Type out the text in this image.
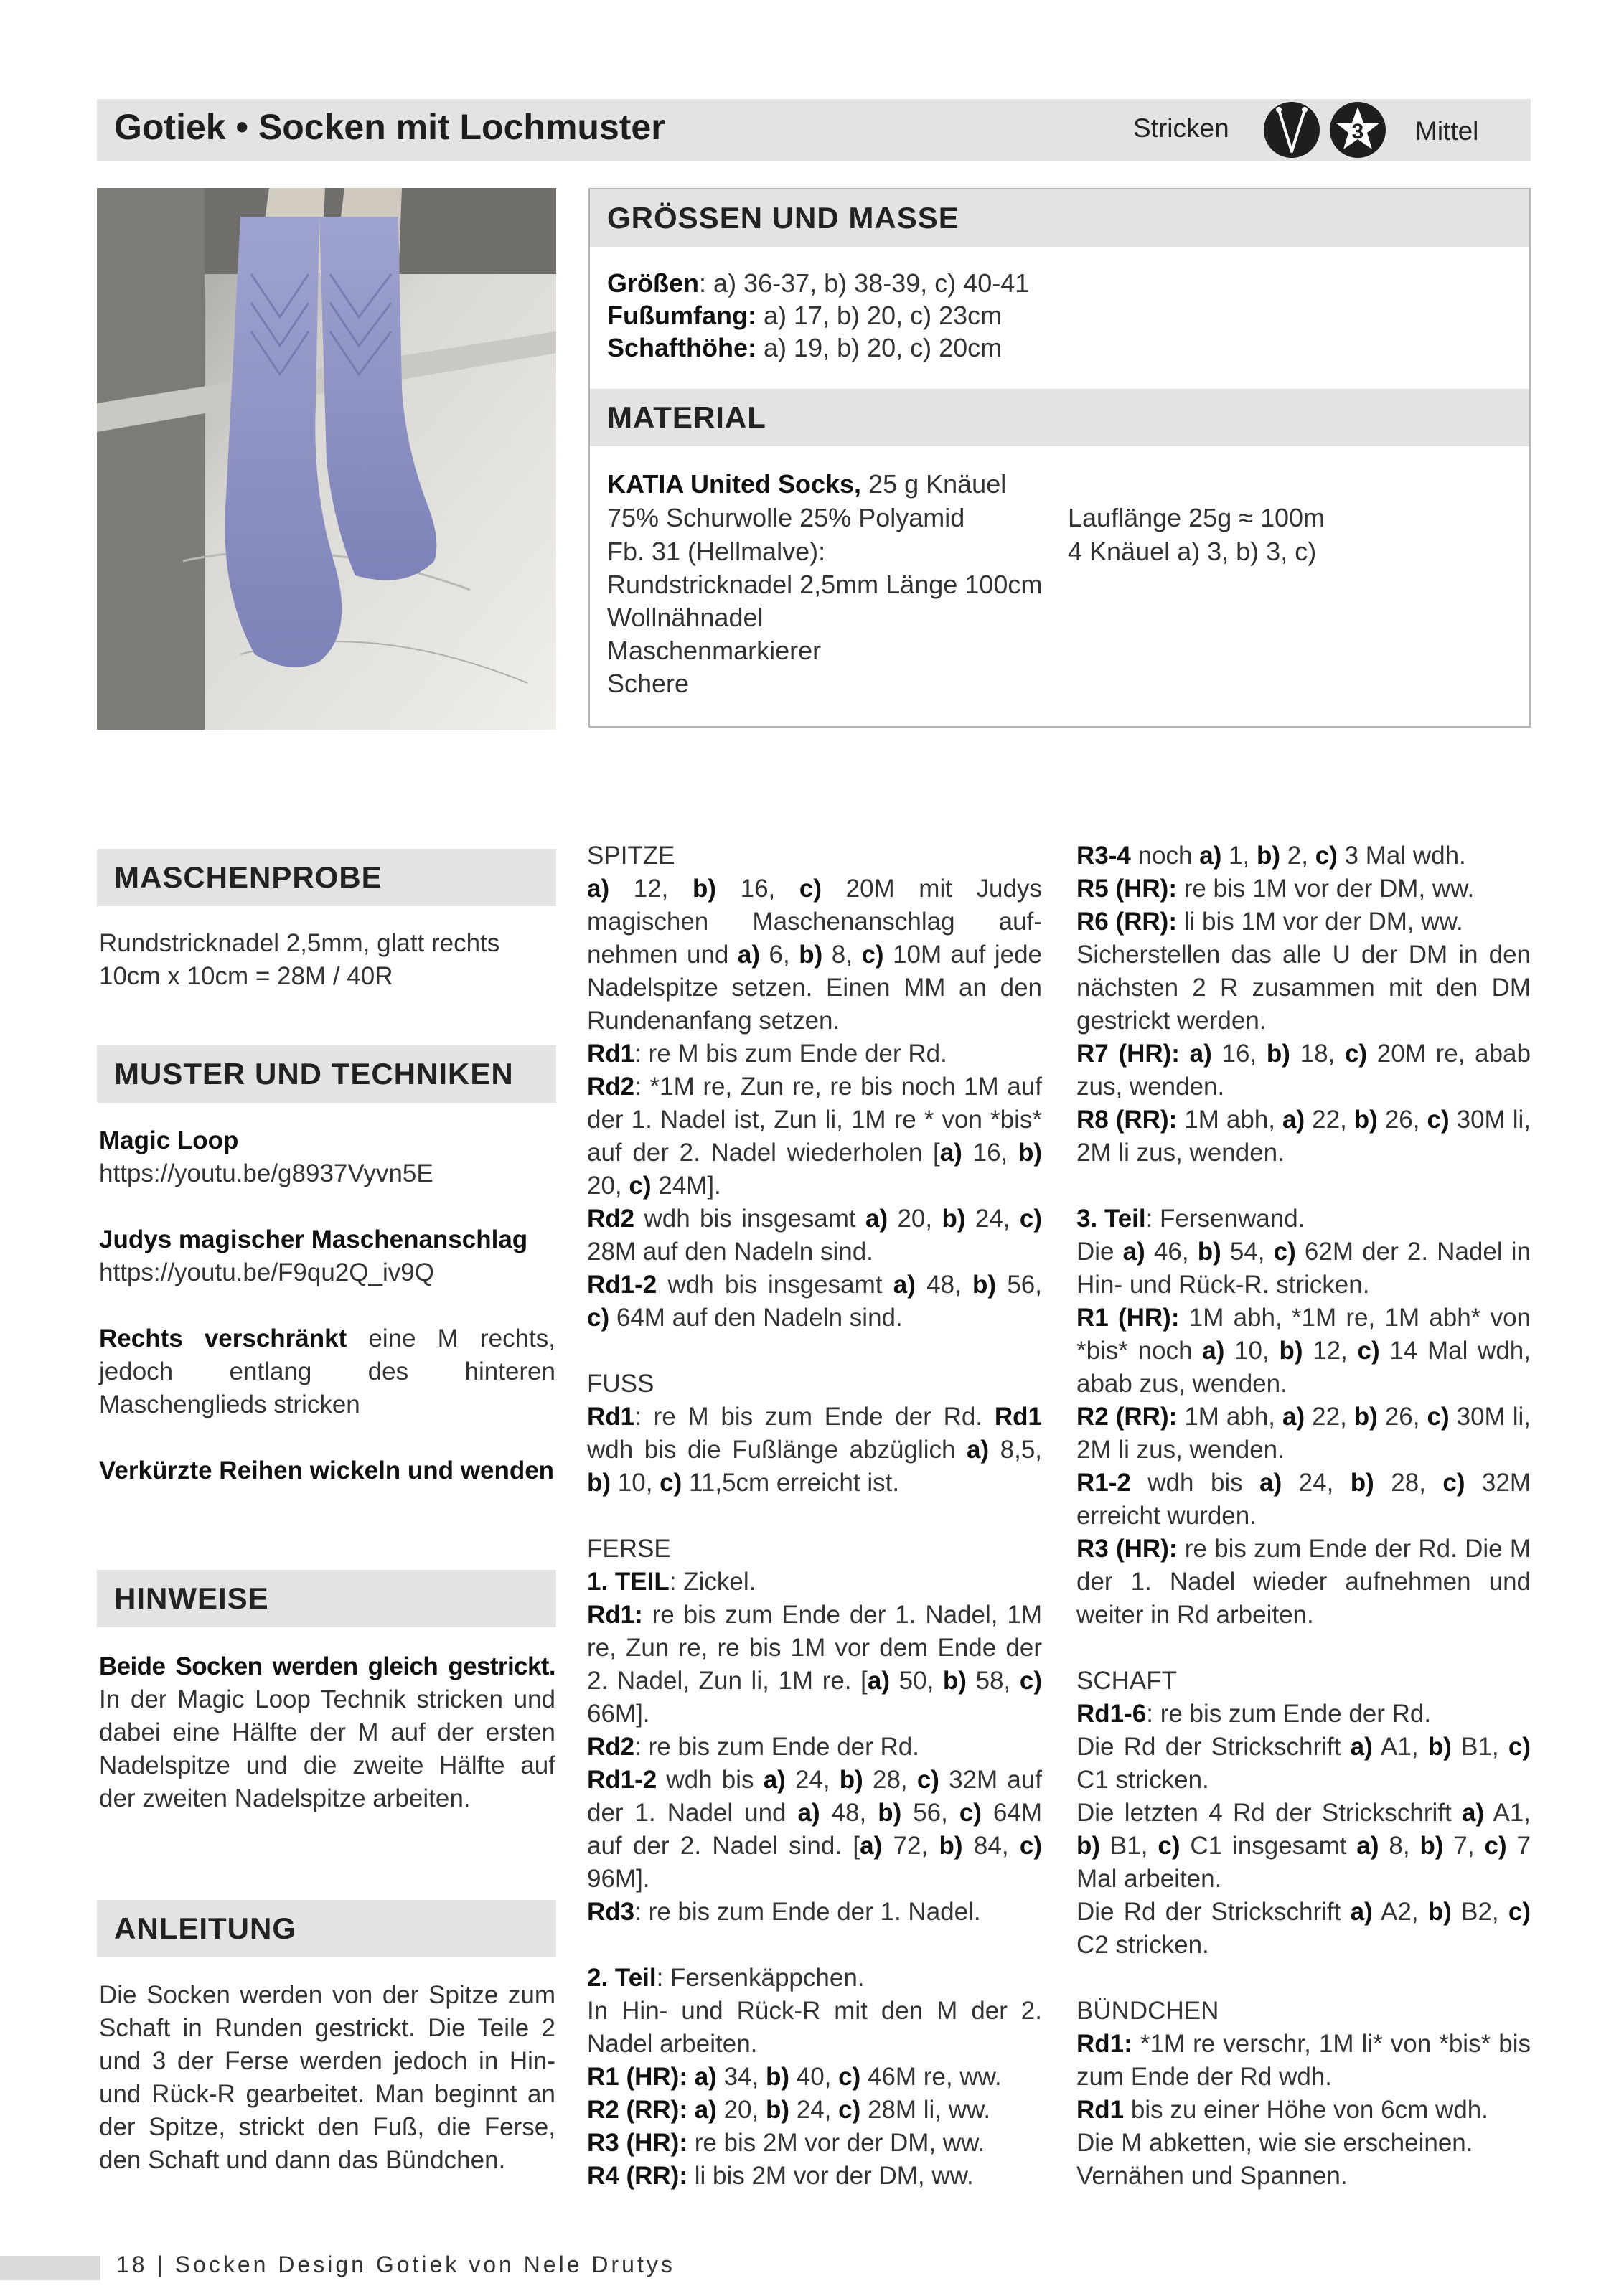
Gotiek • Socken mit Lochmuster	Stricken	3 Mittel
GRÖSSEN UND MASSE
Größen: a) 36-37, b) 38-39, c) 40-41
Fußumfang: a) 17, b) 20, c) 23cm
Schafthöhe: a) 19, b) 20, c) 20cm
MATERIAL
KATIA United Socks, 25 g Knäuel
75% Schurwolle 25% Polyamid	Lauflänge 25g ≈ 100m
Fb. 31 (Hellmalve):	4 Knäuel a) 3, b) 3, c)
Rundstricknadel 2,5mm Länge 100cm
Wollnähnadel
Maschenmarkierer
Schere
MASCHENPROBE

Rundstricknadel 2,5mm, glatt rechts

10cm x 10cm = 28M / 40R

MUSTER UND TECHNIKEN

Magic Loop

https://youtu.be/g8937Vyvn5E

Judys magischer Maschenanschlag

https://youtu.be/F9qu2Q_iv9Q

Rechts verschränkt eine M rechts, jedoch entlang des hinteren Maschenglieds stricken

Verkürzte Reihen wickeln und wenden

HINWEISE

Beide Socken werden gleich gestrickt. In der Magic Loop Technik stricken und dabei eine Hälfte der M auf der ersten Nadelspitze und die zweite Hälfte auf der zweiten Nadelspitze arbeiten.

ANLEITUNG

Die Socken werden von der Spitze zum Schaft in Runden gestrickt. Die Teile 2 und 3 der Ferse werden jedoch in Hin- und Rück-R gearbeitet. Man beginnt an der Spitze, strickt den Fuß, die Ferse, den Schaft und dann das Bündchen.

SPITZE

a) 12, b) 16, c) 20M mit Judys magischen Maschenanschlag aufnehmen und a) 6, b) 8, c) 10M auf jede Nadelspitze setzen. Einen MM an den Rundenanfang setzen.

Rd1: re M bis zum Ende der Rd.

Rd2: *1M re, Zun re, re bis noch 1M auf der 1. Nadel ist, Zun li, 1M re * von *bis* auf der 2. Nadel wiederholen [a) 16, b) 20, c) 24M].

Rd2 wdh bis insgesamt a) 20, b) 24, c) 28M auf den Nadeln sind.

Rd1-2 wdh bis insgesamt a) 48, b) 56, c) 64M auf den Nadeln sind.

FUSS

Rd1: re M bis zum Ende der Rd. Rd1 wdh bis die Fußlänge abzüglich a) 8,5, b) 10, c) 11,5cm erreicht ist.

FERSE

1. TEIL: Zickel.

Rd1: re bis zum Ende der 1. Nadel, 1M re, Zun re, re bis 1M vor dem Ende der 2. Nadel, Zun li, 1M re. [a) 50, b) 58, c) 66M].

Rd2: re bis zum Ende der Rd.

Rd1-2 wdh bis a) 24, b) 28, c) 32M auf der 1. Nadel und a) 48, b) 56, c) 64M auf der 2. Nadel sind. [a) 72, b) 84, c) 96M].

Rd3: re bis zum Ende der 1. Nadel.

2. Teil: Fersenkäppchen.

In Hin- und Rück-R mit den M der 2. Nadel arbeiten.

R1 (HR): a) 34, b) 40, c) 46M re, ww.

R2 (RR): a) 20, b) 24, c) 28M li, ww.

R3 (HR): re bis 2M vor der DM, ww.

R4 (RR): li bis 2M vor der DM, ww.

R3-4 noch a) 1, b) 2, c) 3 Mal wdh.

R5 (HR): re bis 1M vor der DM, ww.

R6 (RR): li bis 1M vor der DM, ww.

Sicherstellen das alle U der DM in den nächsten 2 R zusammen mit den DM gestrickt werden.

R7 (HR): a) 16, b) 18, c) 20M re, abab zus, wenden.

R8 (RR): 1M abh, a) 22, b) 26, c) 30M li, 2M li zus, wenden.

3. Teil: Fersenwand.

Die a) 46, b) 54, c) 62M der 2. Nadel in Hin- und Rück-R. stricken.

R1 (HR): 1M abh, *1M re, 1M abh* von *bis* noch a) 10, b) 12, c) 14 Mal wdh, abab zus, wenden.

R2 (RR): 1M abh, a) 22, b) 26, c) 30M li, 2M li zus, wenden.

R1-2 wdh bis a) 24, b) 28, c) 32M erreicht wurden.

R3 (HR): re bis zum Ende der Rd. Die M der 1. Nadel wieder aufnehmen und weiter in Rd arbeiten.

SCHAFT

Rd1-6: re bis zum Ende der Rd.

Die Rd der Strickschrift a) A1, b) B1, c) C1 stricken.

Die letzten 4 Rd der Strickschrift a) A1, b) B1, c) C1 insgesamt a) 8, b) 7, c) 7 Mal arbeiten.

Die Rd der Strickschrift a) A2, b) B2, c) C2 stricken.

BÜNDCHEN

Rd1: *1M re verschr, 1M li* von *bis* bis zum Ende der Rd wdh.

Rd1 bis zu einer Höhe von 6cm wdh.

Die M abketten, wie sie erscheinen.

Vernähen und Spannen.

18 | Socken Design Gotiek von Nele Drutys
